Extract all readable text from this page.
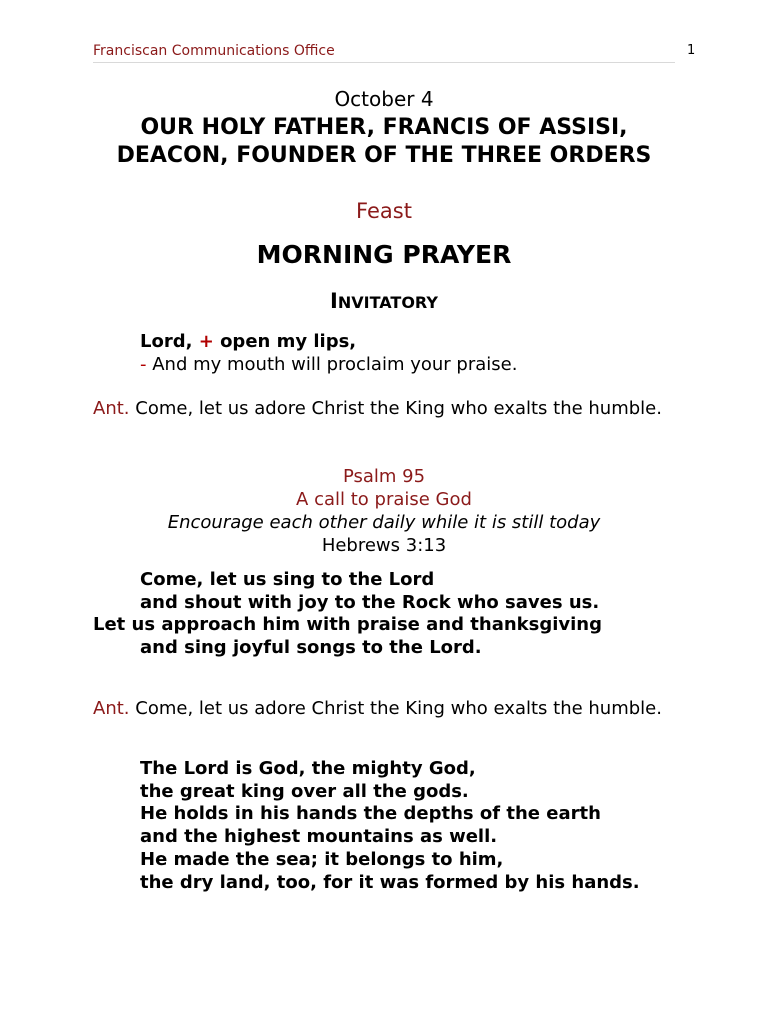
Franciscan Communications Office	1
October 4
OUR HOLY FATHER, FRANCIS OF ASSISI, DEACON, FOUNDER OF THE THREE ORDERS
Feast
MORNING PRAYER
INVITATORY
Lord, + open my lips,
- And my mouth will proclaim your praise.
Ant. Come, let us adore Christ the King who exalts the humble.
Psalm 95
A call to praise God
Encourage each other daily while it is still today
Hebrews 3:13
Come, let us sing to the Lord
and shout with joy to the Rock who saves us.
Let us approach him with praise and thanksgiving
and sing joyful songs to the Lord.
Ant. Come, let us adore Christ the King who exalts the humble.
The Lord is God, the mighty God,
the great king over all the gods.
He holds in his hands the depths of the earth
and the highest mountains as well.
He made the sea; it belongs to him,
the dry land, too, for it was formed by his hands.
